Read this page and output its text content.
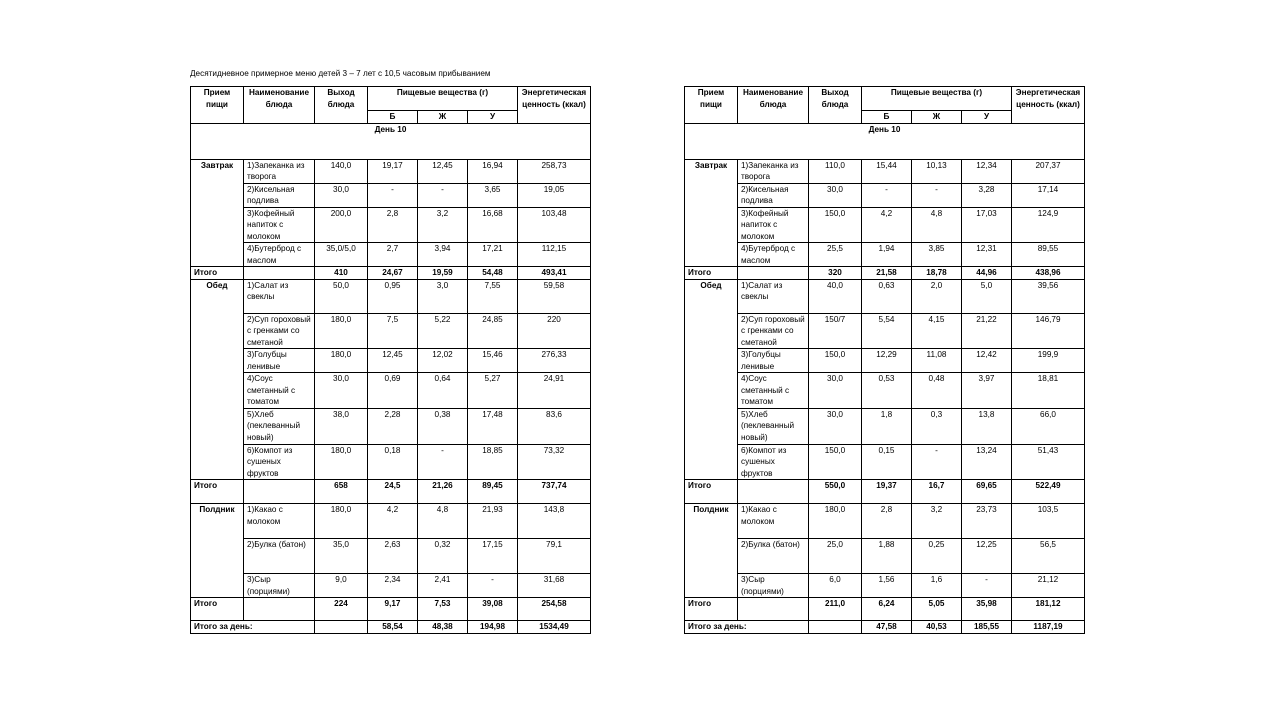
Десятидневное примерное меню детей 3 – 7 лет с 10,5 часовым прибыванием
Прием пищи	Наименование блюда	Выход блюда	Пищевые вещества (г)			Энергетическая ценность (ккал)
			Б	Ж	У	
День 10						
Завтрак	1)Запеканка из творога	140,0	19,17	12,45	16,94	258,73
	2)Кисельная подлива	30,0	-	-	3,65	19,05
	3)Кофейный напиток с молоком	200,0	2,8	3,2	16,68	103,48
	4)Бутерброд с маслом	35,0/5,0	2,7	3,94	17,21	112,15
Итого		410	24,67	19,59	54,48	493,41
Обед	1)Салат из свеклы	50,0	0,95	3,0	7,55	59,58
	2)Суп гороховый с гренками со сметаной	180,0	7,5	5,22	24,85	220
	3)Голубцы ленивые	180,0	12,45	12,02	15,46	276,33
	4)Соус сметанный с томатом	30,0	0,69	0,64	5,27	24,91
	5)Хлеб (пеклеванный новый)	38,0	2,28	0,38	17,48	83,6
	6)Компот из сушеных фруктов	180,0	0,18	-	18,85	73,32
Итого		658	24,5	21,26	89,45	737,74
Полдник	1)Какао с молоком	180,0	4,2	4,8	21,93	143,8
	2)Булка (батон)	35,0	2,63	0,32	17,15	79,1
	3)Сыр (порциями)	9,0	2,34	2,41	-	31,68
Итого		224	9,17	7,53	39,08	254,58
Итого за день:			58,54	48,38	194,98	1534,49
Прием пищи	Наименование блюда	Выход блюда	Пищевые вещества (г)			Энергетическая ценность (ккал)
			Б	Ж	У	
День 10						
Завтрак	1)Запеканка из творога	110,0	15,44	10,13	12,34	207,37
	2)Кисельная подлива	30,0	-	-	3,28	17,14
	3)Кофейный напиток с молоком	150,0	4,2	4,8	17,03	124,9
	4)Бутерброд с маслом	25,5	1,94	3,85	12,31	89,55
Итого		320	21,58	18,78	44,96	438,96
Обед	1)Салат из свеклы	40,0	0,63	2,0	5,0	39,56
	2)Суп гороховый с гренками со сметаной	150/7	5,54	4,15	21,22	146,79
	3)Голубцы ленивые	150,0	12,29	11,08	12,42	199,9
	4)Соус сметанный с томатом	30,0	0,53	0,48	3,97	18,81
	5)Хлеб (пеклеванный новый)	30,0	1,8	0,3	13,8	66,0
	6)Компот из сушеных фруктов	150,0	0,15	-	13,24	51,43
Итого		550,0	19,37	16,7	69,65	522,49
Полдник	1)Какао с молоком	180,0	2,8	3,2	23,73	103,5
	2)Булка (батон)	25,0	1,88	0,25	12,25	56,5
	3)Сыр (порциями)	6,0	1,56	1,6	-	21,12
Итого		211,0	6,24	5,05	35,98	181,12
Итого за день:			47,58	40,53	185,55	1187,19
